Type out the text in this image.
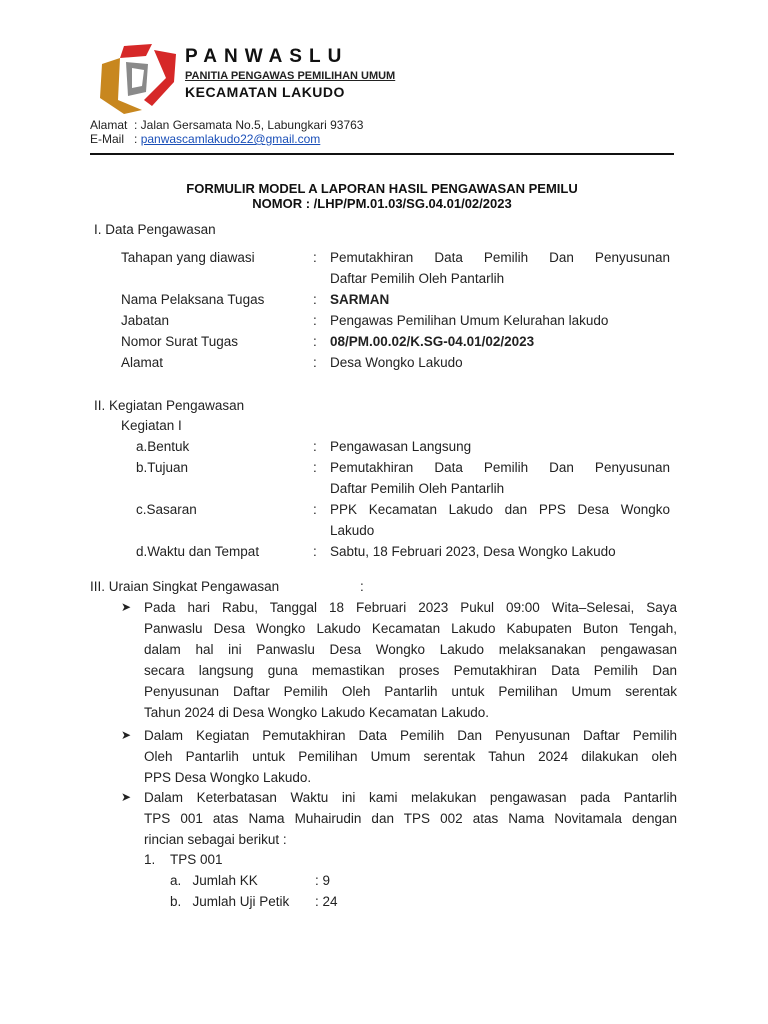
PANWASLU
PANITIA PENGAWAS PEMILIHAN UMUM
KECAMATAN LAKUDO
Alamat : Jalan Gersamata No.5, Labungkari 93763
E-Mail : panwascamlakudo22@gmail.com
FORMULIR MODEL A LAPORAN HASIL PENGAWASAN PEMILU
NOMOR : /LHP/PM.01.03/SG.04.01/02/2023
I. Data Pengawasan
Tahapan yang diawasi	: Pemutakhiran Data Pemilih Dan Penyusunan
Daftar Pemilih Oleh Pantarlih
Nama Pelaksana Tugas	: SARMAN
Jabatan	: Pengawas Pemilihan Umum Kelurahan lakudo
Nomor Surat Tugas	: 08/PM.00.02/K.SG-04.01/02/2023
Alamat	: Desa Wongko Lakudo
II. Kegiatan Pengawasan
Kegiatan I
a.Bentuk	: Pengawasan Langsung
b.Tujuan	: Pemutakhiran Data Pemilih Dan Penyusunan
Daftar Pemilih Oleh Pantarlih
c.Sasaran	: PPK Kecamatan Lakudo dan PPS Desa Wongko
Lakudo
d.Waktu dan Tempat	: Sabtu, 18 Februari 2023, Desa Wongko Lakudo
III. Uraian Singkat Pengawasan	:
➤ Pada hari Rabu, Tanggal 18 Februari 2023 Pukul 09:00 Wita–Selesai, Saya
Panwaslu Desa Wongko Lakudo Kecamatan Lakudo Kabupaten Buton Tengah,
dalam hal ini Panwaslu Desa Wongko Lakudo melaksanakan pengawasan
secara langsung guna memastikan proses Pemutakhiran Data Pemilih Dan
Penyusunan Daftar Pemilih Oleh Pantarlih untuk Pemilihan Umum serentak
Tahun 2024 di Desa Wongko Lakudo Kecamatan Lakudo.
➤ Dalam Kegiatan Pemutakhiran Data Pemilih Dan Penyusunan Daftar Pemilih
Oleh Pantarlih untuk Pemilihan Umum serentak Tahun 2024 dilakukan oleh
PPS Desa Wongko Lakudo.
➤ Dalam Keterbatasan Waktu ini kami melakukan pengawasan pada Pantarlih
TPS 001 atas Nama Muhairudin dan TPS 002 atas Nama Novitamala dengan
rincian sebagai berikut :
1.    TPS 001
a.   Jumlah KK	: 9
b.   Jumlah Uji Petik : 24
